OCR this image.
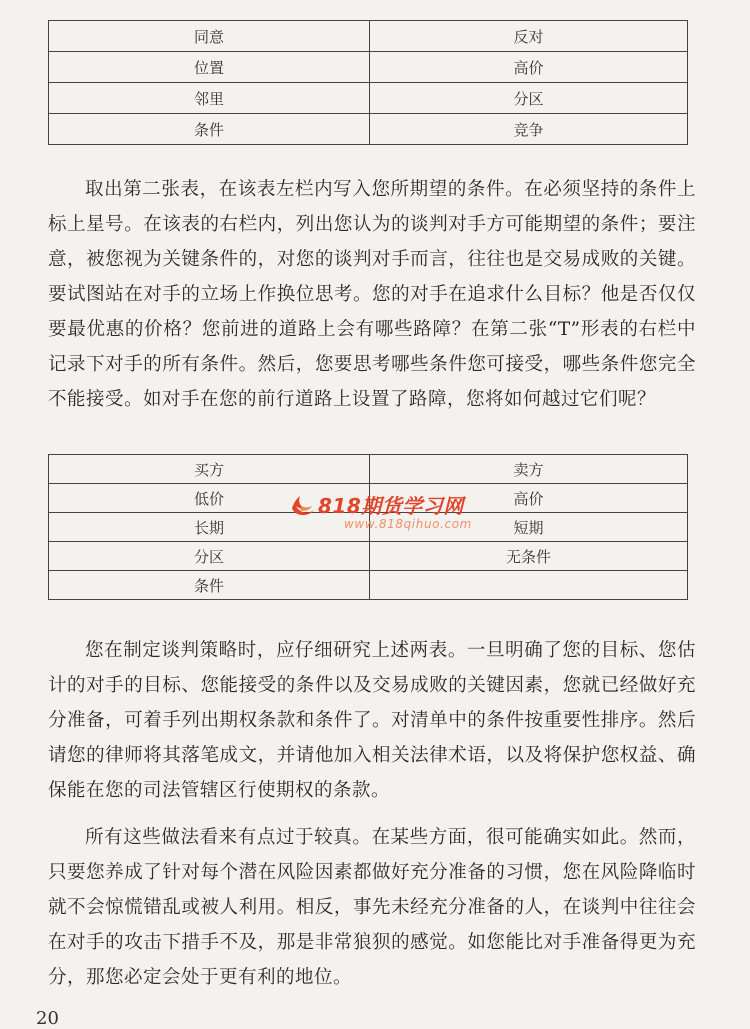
同意	反对
位置	高价
邻里	分区
条件	竞争

取出第二张表，在该表左栏内写入您所期望的条件。在必须坚持的条件上标上星号。在该表的右栏内，列出您认为的谈判对手方可能期望的条件；要注意，被您视为关键条件的，对您的谈判对手而言，往往也是交易成败的关键。要试图站在对手的立场上作换位思考。您的对手在追求什么目标？他是否仅仅要最优惠的价格？您前进的道路上会有哪些路障？在第二张“T”形表的右栏中记录下对手的所有条件。然后，您要思考哪些条件您可接受，哪些条件您完全不能接受。如对手在您的前行道路上设置了路障，您将如何越过它们呢？

买方	卖方
低价	高价
长期	短期
分区	无条件
条件	
818期货学习网
www.818qihuo.com

您在制定谈判策略时，应仔细研究上述两表。一旦明确了您的目标、您估计的对手的目标、您能接受的条件以及交易成败的关键因素，您就已经做好充分准备，可着手列出期权条款和条件了。对清单中的条件按重要性排序。然后请您的律师将其落笔成文，并请他加入相关法律术语，以及将保护您权益、确保能在您的司法管辖区行使期权的条款。

所有这些做法看来有点过于较真。在某些方面，很可能确实如此。然而，只要您养成了针对每个潜在风险因素都做好充分准备的习惯，您在风险降临时就不会惊慌错乱或被人利用。相反，事先未经充分准备的人，在谈判中往往会在对手的攻击下措手不及，那是非常狼狈的感觉。如您能比对手准备得更为充分，那您必定会处于更有利的地位。

20
